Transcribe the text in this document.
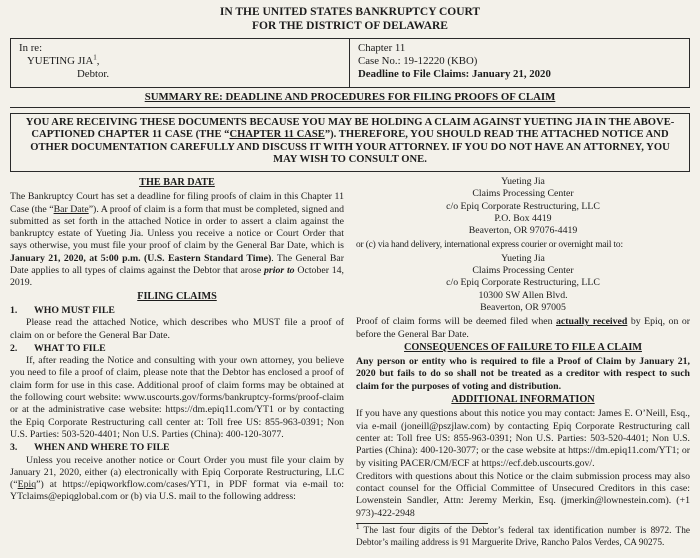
IN THE UNITED STATES BANKRUPTCY COURT
FOR THE DISTRICT OF DELAWARE
In re:
YUETING JIA$^1$,
Debtor.
Chapter 11
Case No.: 19-12220 (KBO)
Deadline to File Claims: January 21, 2020
SUMMARY RE: DEADLINE AND PROCEDURES FOR FILING PROOFS OF CLAIM
YOU ARE RECEIVING THESE DOCUMENTS BECAUSE YOU MAY BE HOLDING A CLAIM AGAINST YUETING JIA IN THE ABOVE-CAPTIONED CHAPTER 11 CASE (THE “CHAPTER 11 CASE”). THEREFORE, YOU SHOULD READ THE ATTACHED NOTICE AND OTHER DOCUMENTATION CAREFULLY AND DISCUSS IT WITH YOUR ATTORNEY. IF YOU DO NOT HAVE AN ATTORNEY, YOU MAY WISH TO CONSULT ONE.
THE BAR DATE

The Bankruptcy Court has set a deadline for filing proofs of claim in this Chapter 11 Case (the “Bar Date”). A proof of claim is a form that must be completed, signed and submitted as set forth in the attached Notice in order to assert a claim against the bankruptcy estate of Yueting Jia. Unless you receive a notice or Court Order that says otherwise, you must file your proof of claim by the General Bar Date, which is January 21, 2020, at 5:00 p.m. (U.S. Eastern Standard Time). The General Bar Date applies to all types of claims against the Debtor that arose prior to October 14, 2019.

FILING CLAIMS
1. WHO MUST FILE

Please read the attached Notice, which describes who MUST file a proof of claim on or before the General Bar Date.

2. WHAT TO FILE

If, after reading the Notice and consulting with your own attorney, you believe you need to file a proof of claim, please note that the Debtor has enclosed a proof of claim form for use in this case. Additional proof of claim forms may be obtained at the following court website: www.uscourts.gov/forms/bankruptcy-forms/proof-claim or at the administrative case website: https://dm.epiq11.com/YT1 or by contacting the Epiq Corporate Restructuring call center at: Toll free US: 855-963-0391; Non U.S. Parties: 503-520-4401; Non U.S. Parties (China): 400-120-3077.

3. WHEN AND WHERE TO FILE

Unless you receive another notice or Court Order you must file your claim by January 21, 2020, either (a) electronically with Epiq Corporate Restructuring, LLC (“Epiq”) at https://epiqworkflow.com/cases/YT1, in PDF format via e-mail to: YTclaims@epiqglobal.com or (b) via U.S. mail to the following address:

Yueting Jia
Claims Processing Center
c/o Epiq Corporate Restructuring, LLC
P.O. Box 4419
Beaverton, OR 97076-4419

or (c) via hand delivery, international express courier or overnight mail to:

Yueting Jia
Claims Processing Center
c/o Epiq Corporate Restructuring, LLC
10300 SW Allen Blvd.
Beaverton, OR 97005

Proof of claim forms will be deemed filed when actually received by Epiq, on or before the General Bar Date.

CONSEQUENCES OF FAILURE TO FILE A CLAIM

Any person or entity who is required to file a Proof of Claim by January 21, 2020 but fails to do so shall not be treated as a creditor with respect to such claim for the purposes of voting and distribution.

ADDITIONAL INFORMATION

If you have any questions about this notice you may contact: James E. O’Neill, Esq., via e-mail (joneill@pszjlaw.com) by contacting Epiq Corporate Restructuring call center at: Toll free US: 855-963-0391; Non U.S. Parties: 503-520-4401; Non U.S. Parties (China): 400-120-3077; or the case website at https://dm.epiq11.com/YT1; or by visiting PACER/CM/ECF at https://ecf.deb.uscourts.gov/.

Creditors with questions about this Notice or the claim submission process may also contact counsel for the Official Committee of Unsecured Creditors in this case: Lowenstein Sandler, Attn: Jeremy Merkin, Esq. (jmerkin@lownestein.com). (+1 973)-422-2948

$^1$ The last four digits of the Debtor’s federal tax identification number is 8972. The Debtor’s mailing address is 91 Marguerite Drive, Rancho Palos Verdes, CA 90275.
